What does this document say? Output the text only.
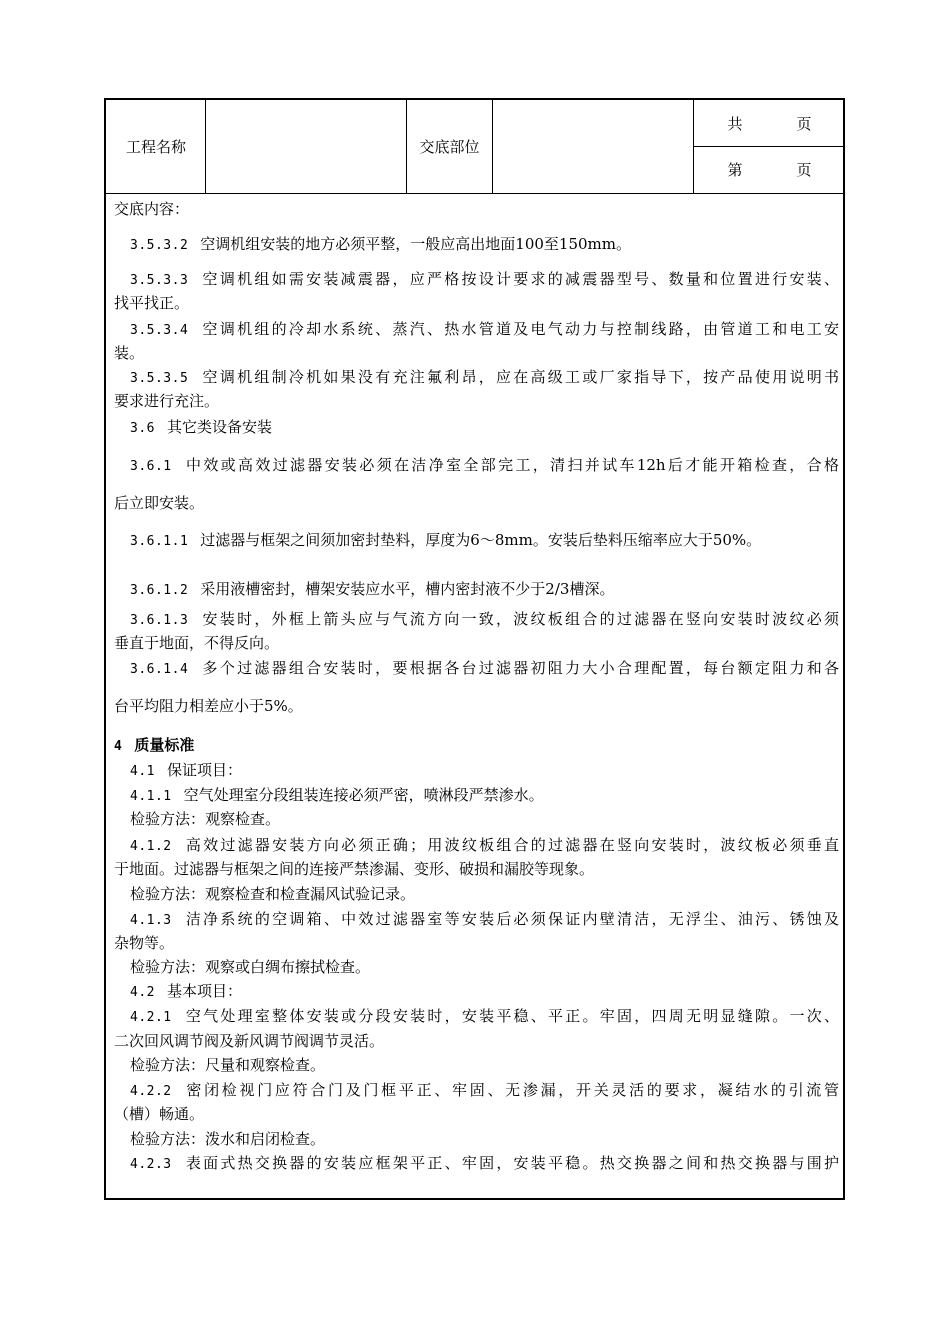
工程名称	交底部位
共	页
第	页
交底内容：
3.5.3.2 空调机组安装的地方必须平整，一般应高出地面100至150mm。
3.5.3.3 空调机组如需安装减震器，应严格按设计要求的减震器型号、数量和位置进行安装、
找平找正。
3.5.3.4 空调机组的冷却水系统、蒸汽、热水管道及电气动力与控制线路，由管道工和电工安
装。
3.5.3.5 空调机组制冷机如果没有充注氟利昂，应在高级工或厂家指导下，按产品使用说明书
要求进行充注。
3.6 其它类设备安装
3.6.1 中效或高效过滤器安装必须在洁净室全部完工，清扫并试车12h后才能开箱检查，合格
后立即安装。
3.6.1.1 过滤器与框架之间须加密封垫料，厚度为6～8mm。安装后垫料压缩率应大于50%。
3.6.1.2 采用液槽密封，槽架安装应水平，槽内密封液不少于2/3槽深。
3.6.1.3 安装时，外框上箭头应与气流方向一致，波纹板组合的过滤器在竖向安装时波纹必须
垂直于地面，不得反向。
3.6.1.4 多个过滤器组合安装时，要根据各台过滤器初阻力大小合理配置，每台额定阻力和各
台平均阻力相差应小于5%。
4 质量标准
4.1 保证项目：
4.1.1 空气处理室分段组装连接必须严密，喷淋段严禁渗水。
检验方法：观察检查。
4.1.2 高效过滤器安装方向必须正确；用波纹板组合的过滤器在竖向安装时，波纹板必须垂直
于地面。过滤器与框架之间的连接严禁渗漏、变形、破损和漏胶等现象。
检验方法：观察检查和检查漏风试验记录。
4.1.3 洁净系统的空调箱、中效过滤器室等安装后必须保证内壁清洁，无浮尘、油污、锈蚀及
杂物等。
检验方法：观察或白绸布擦拭检查。
4.2 基本项目：
4.2.1 空气处理室整体安装或分段安装时，安装平稳、平正。牢固，四周无明显缝隙。一次、
二次回风调节阀及新风调节阀调节灵活。
检验方法：尺量和观察检查。
4.2.2 密闭检视门应符合门及门框平正、牢固、无渗漏，开关灵活的要求，凝结水的引流管
（槽）畅通。
检验方法：泼水和启闭检查。
4.2.3 表面式热交换器的安装应框架平正、牢固，安装平稳。热交换器之间和热交换器与围护
